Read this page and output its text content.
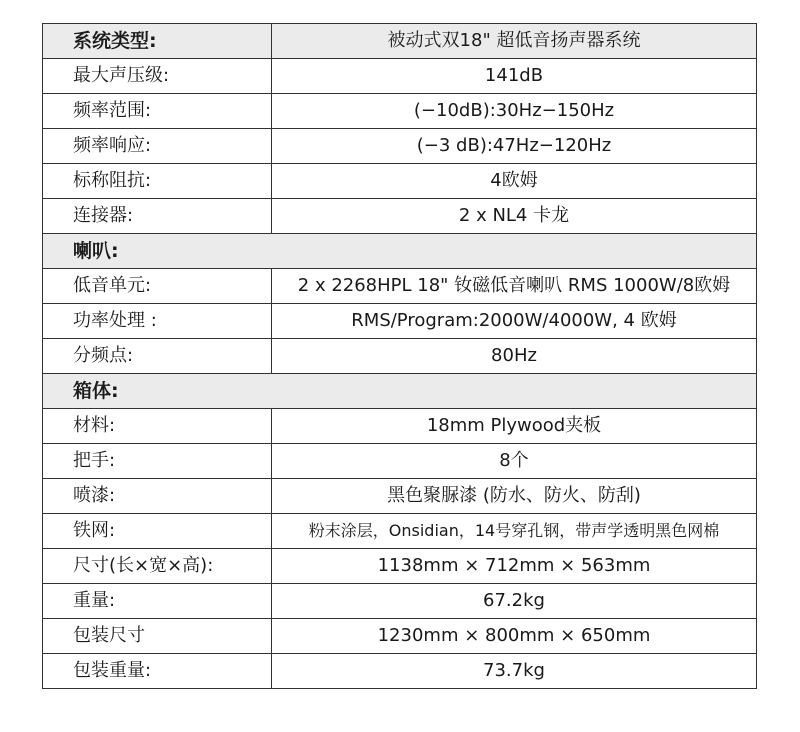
系统类型:	被动式双18" 超低音扬声器系统
最大声压级:	141dB
频率范围:	(−10dB):30Hz−150Hz
频率响应:	(−3 dB):47Hz−120Hz
标称阻抗:	4欧姆
连接器:	2 x NL4 卡龙
喇叭:	
低音单元:	2 x 2268HPL 18" 钕磁低音喇叭 RMS 1000W/8欧姆
功率处理 :	RMS/Program:2000W/4000W, 4 欧姆
分频点:	80Hz
箱体:	
材料:	18mm Plywood夹板
把手:	8个
喷漆:	黑色聚脲漆 (防水、防火、防刮)
铁网:	粉末涂层，Onsidian，14号穿孔钢，带声学透明黑色网棉
尺寸(长×宽×高):	1138mm × 712mm × 563mm
重量:	67.2kg
包装尺寸	1230mm × 800mm × 650mm
包装重量:	73.7kg
